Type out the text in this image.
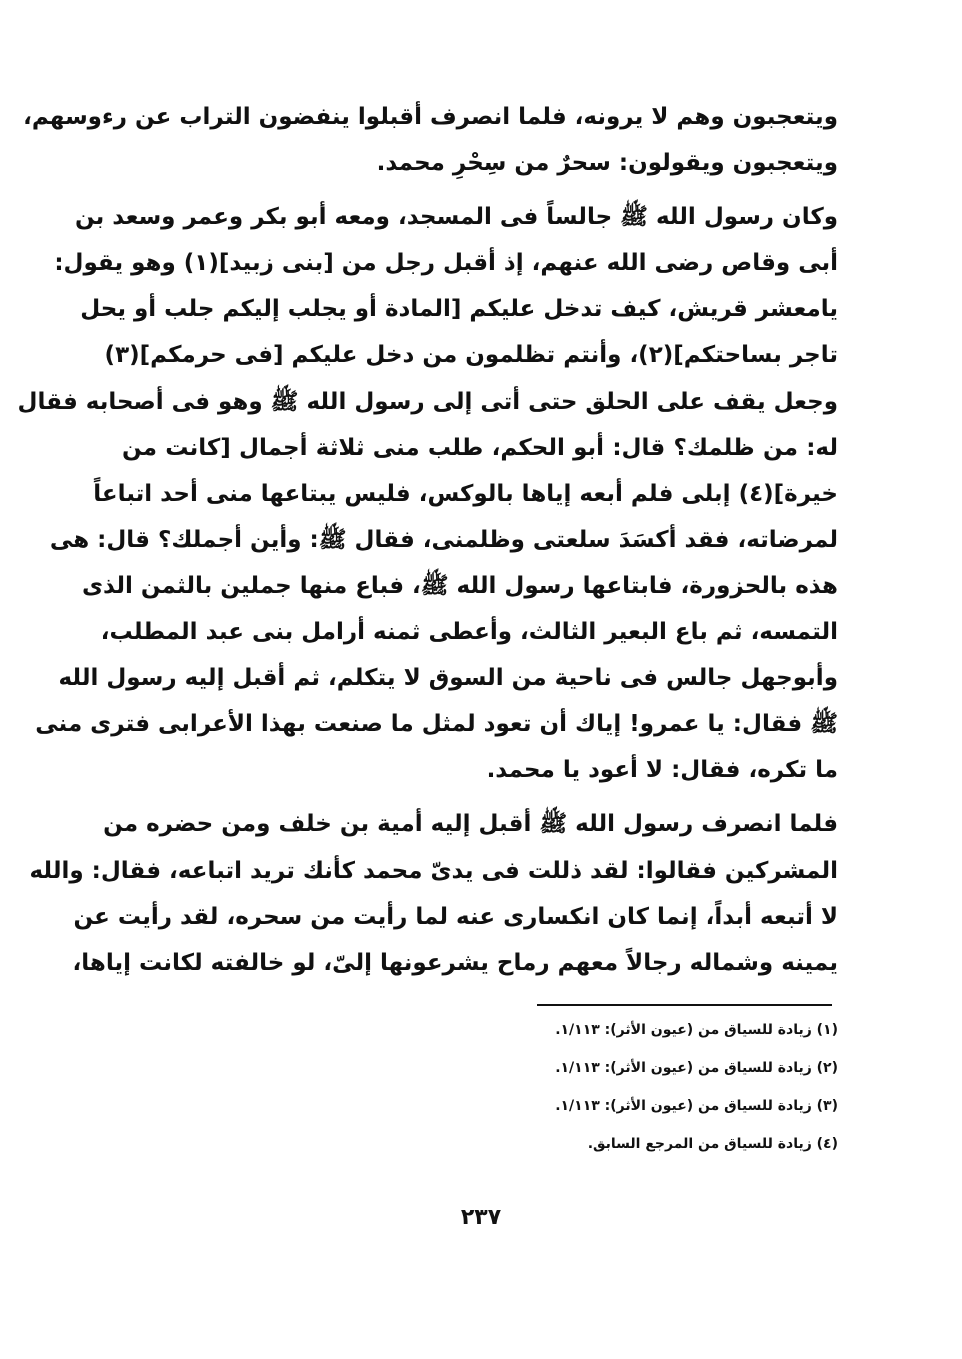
ويتعجبون وهم لا يرونه، فلما انصرف أقبلوا ينفضون التراب عن رءوسهم،
ويتعجبون ويقولون: سحرٌ من سِحْرِ محمد.
وكان رسول الله ﷺ جالساً فى المسجد، ومعه أبو بكر وعمر وسعد بن
أبى وقاص رضى الله عنهم، إذ أقبل رجل من [بنى زبيد](١) وهو يقول:
يامعشر قريش، كيف تدخل عليكم [المادة أو يجلب إليكم جلب أو يحل
تاجر بساحتكم](٢)، وأنتم تظلمون من دخل عليكم [فى حرمكم](٣)
وجعل يقف على الحلق حتى أتى إلى رسول الله ﷺ وهو فى أصحابه فقال
له: من ظلمك؟ قال: أبو الحكم، طلب منى ثلاثة أجمال [كانت من
خيرة](٤) إبلى فلم أبعه إياها بالوكس، فليس يبتاعها منى أحد اتباعاً
لمرضاته، فقد أكسَدَ سلعتى وظلمنى، فقال ﷺ: وأين أجملك؟ قال: هى
هذه بالحزورة، فابتاعها رسول الله ﷺ، فباع منها جملين بالثمن الذى
التمسه، ثم باع البعير الثالث، وأعطى ثمنه أرامل بنى عبد المطلب،
وأبوجهل جالس فى ناحية من السوق لا يتكلم، ثم أقبل إليه رسول الله
ﷺ فقال: يا عمرو! إياك أن تعود لمثل ما صنعت بهذا الأعرابى فترى منى
ما تكره، فقال: لا أعود يا محمد.
فلما انصرف رسول الله ﷺ أقبل إليه أمية بن خلف ومن حضره من
المشركين فقالوا: لقد ذللت فى يدىّ محمد كأنك تريد اتباعه، فقال: والله
لا أتبعه أبداً، إنما كان انكسارى عنه لما رأيت من سحره، لقد رأيت عن
يمينه وشماله رجالاً معهم رماح يشرعونها إلىّ، لو خالفته لكانت إياها،
(١) زيادة للسياق من (عيون الأثر): ١/١١٣.
(٢) زيادة للسياق من (عيون الأثر): ١/١١٣.
(٣) زيادة للسياق من (عيون الأثر): ١/١١٣.
(٤) زيادة للسياق من المرجع السابق.
٢٣٧
